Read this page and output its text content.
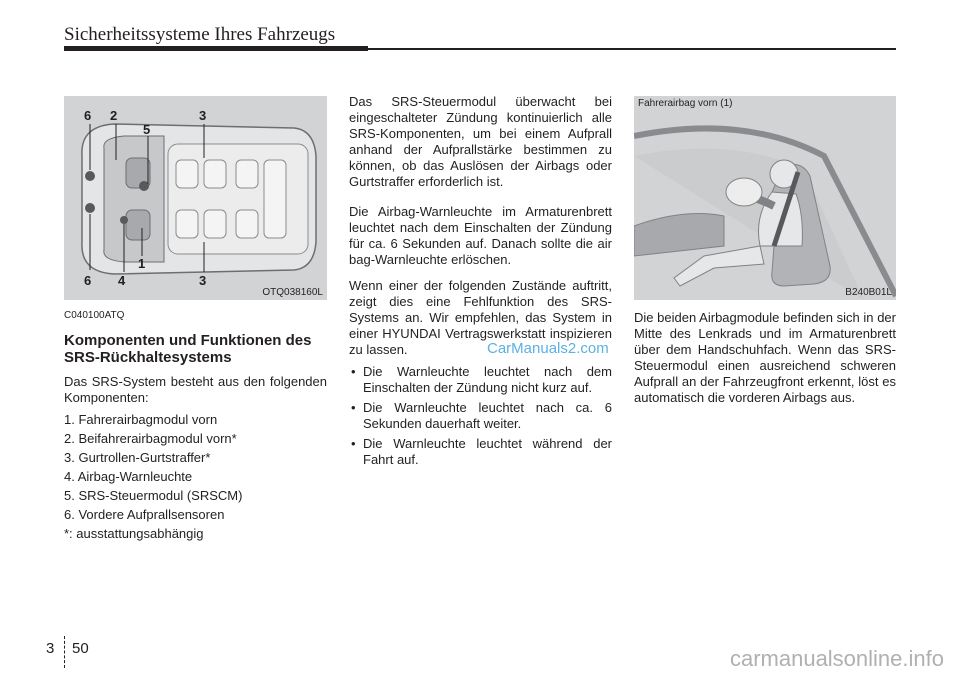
Sicherheitssysteme Ihres Fahrzeugs
6 2	3
5
6 4
1
3
OTQ038160L

C040100ATQ

Komponenten und Funktionen des SRS-Rückhaltesystems

Das SRS-System besteht aus den folgenden Komponenten:

1. Fahrerairbagmodul vorn
2. Beifahrerairbagmodul vorn*
3. Gurtrollen-Gurtstraffer*
4. Airbag-Warnleuchte
5. SRS-Steuermodul (SRSCM)
6. Vordere Aufprallsensoren

*: ausstattungsabhängig

Das SRS-Steuermodul überwacht bei eingeschalteter Zündung kontinuierlich alle SRS-Komponenten, um bei einem Aufprall anhand der Aufprallstärke bestimmen zu können, ob das Auslösen der Airbags oder Gurtstraffer erforderlich ist.

Die Airbag-Warnleuchte im Armaturenbrett leuchtet nach dem Einschalten der Zündung für ca. 6 Sekunden auf. Danach sollte die air bag-Warnleuchte erlöschen.

Wenn einer der folgenden Zustände auftritt, zeigt dies eine Fehlfunktion des SRS-Systems an. Wir empfehlen, das System in einer HYUNDAI Vertragswerkstatt inspizieren zu lassen.

• Die Warnleuchte leuchtet nach dem Einschalten der Zündung nicht kurz auf.
• Die Warnleuchte leuchtet nach ca. 6 Sekunden dauerhaft weiter.
• Die Warnleuchte leuchtet während der Fahrt auf.
Fahrerairbag vorn (1)
B240B01L

Die beiden Airbagmodule befinden sich in der Mitte des Lenkrads und im Armaturenbrett über dem Handschuhfach. Wenn das SRS-Steuermodul einen ausreichend schweren Aufprall an der Fahrzeugfront erkennt, löst es automatisch die vorderen Airbags aus.

CarManuals2.com
3 50	carmanualsonline.info
